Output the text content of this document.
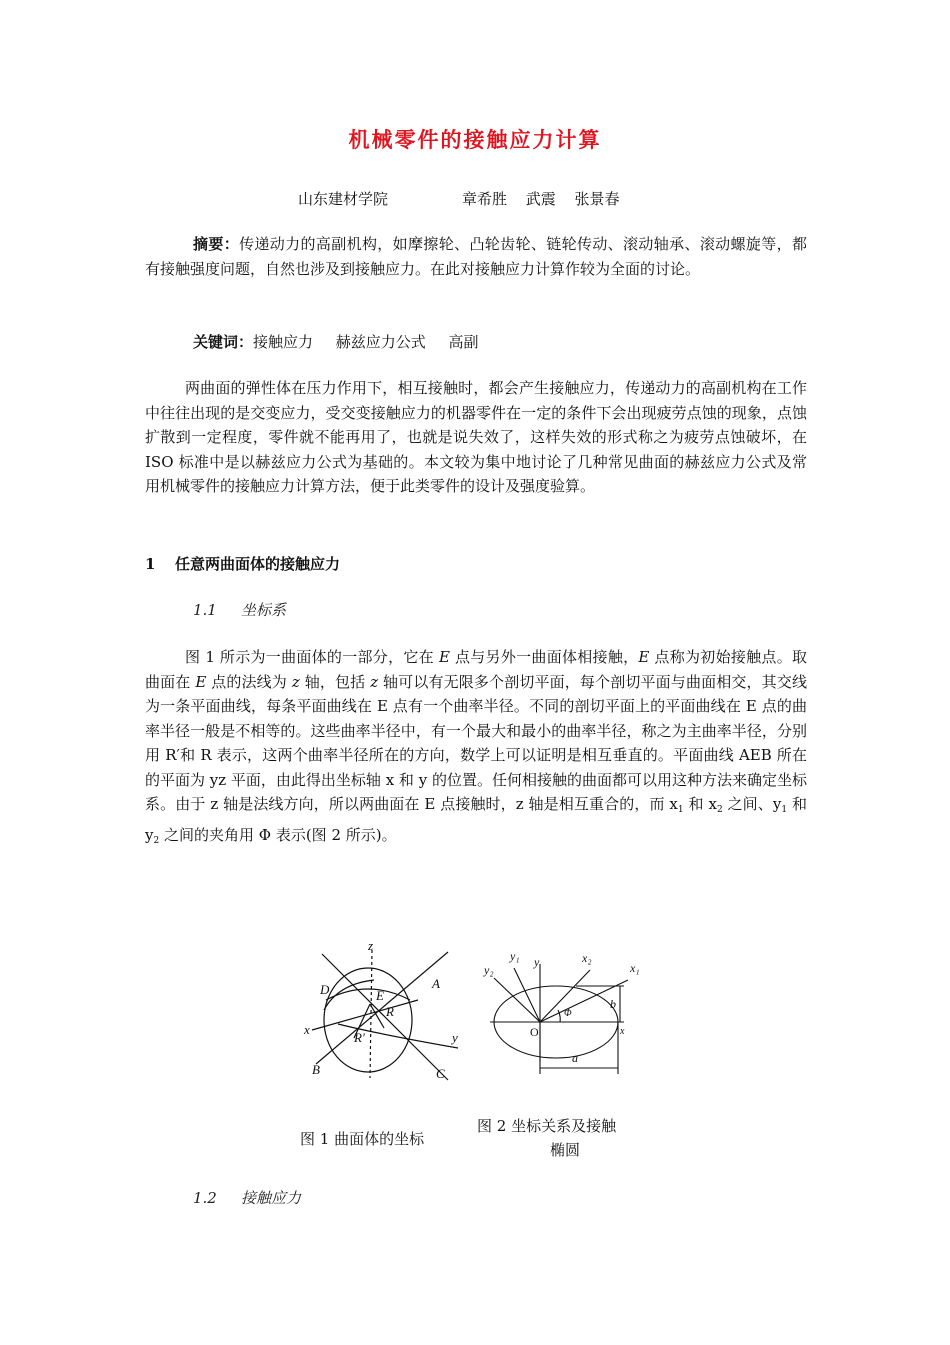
机械零件的接触应力计算
山东建材学院	章希胜 武震 张景春

摘要：传递动力的高副机构，如摩擦轮、凸轮齿轮、链轮传动、滚动轴承、滚动螺旋等，都有接触强度问题，自然也涉及到接触应力。在此对接触应力计算作较为全面的讨论。

关键词：接触应力 赫兹应力公式 高副

两曲面的弹性体在压力作用下，相互接触时，都会产生接触应力，传递动力的高副机构在工作中往往出现的是交变应力，受交变接触应力的机器零件在一定的条件下会出现疲劳点蚀的现象，点蚀扩散到一定程度，零件就不能再用了，也就是说失效了，这样失效的形式称之为疲劳点蚀破坏，在 ISO 标准中是以赫兹应力公式为基础的。本文较为集中地讨论了几种常见曲面的赫兹应力公式及常用机械零件的接触应力计算方法，便于此类零件的设计及强度验算。

1 任意两曲面体的接触应力
1.1 坐标系

图 1 所示为一曲面体的一部分，它在 E 点与另外一曲面体相接触，E 点称为初始接触点。取曲面在 E 点的法线为 z 轴，包括 z 轴可以有无限多个剖切平面，每个剖切平面与曲面相交，其交线为一条平面曲线，每条平面曲线在 E 点有一个曲率半径。不同的剖切平面上的平面曲线在 E 点的曲率半径一般是不相等的。这些曲率半径中，有一个最大和最小的曲率半径，称之为主曲率半径，分别用 R′和 R 表示，这两个曲率半径所在的方向，数学上可以证明是相互垂直的。平面曲线 AEB 所在的平面为 yz 平面，由此得出坐标轴 x 和 y 的位置。任何相接触的曲面都可以用这种方法来确定坐标系。由于 z 轴是法线方向，所以两曲面在 E 点接触时，z 轴是相互重合的，而 $x_1$ 和 $x_2$ 之间、$y_1$ 和 $y_2$ 之间的夹角用 Φ 表示(图 2 所示)。

z
D	A
x
E
R
R′	y
B	C
y₁ y	x₂
y₂	x₁
O
b
a
x
Φ
图 1 曲面体的坐标
图 2 坐标关系及接触
椭圆
1.2 接触应力
